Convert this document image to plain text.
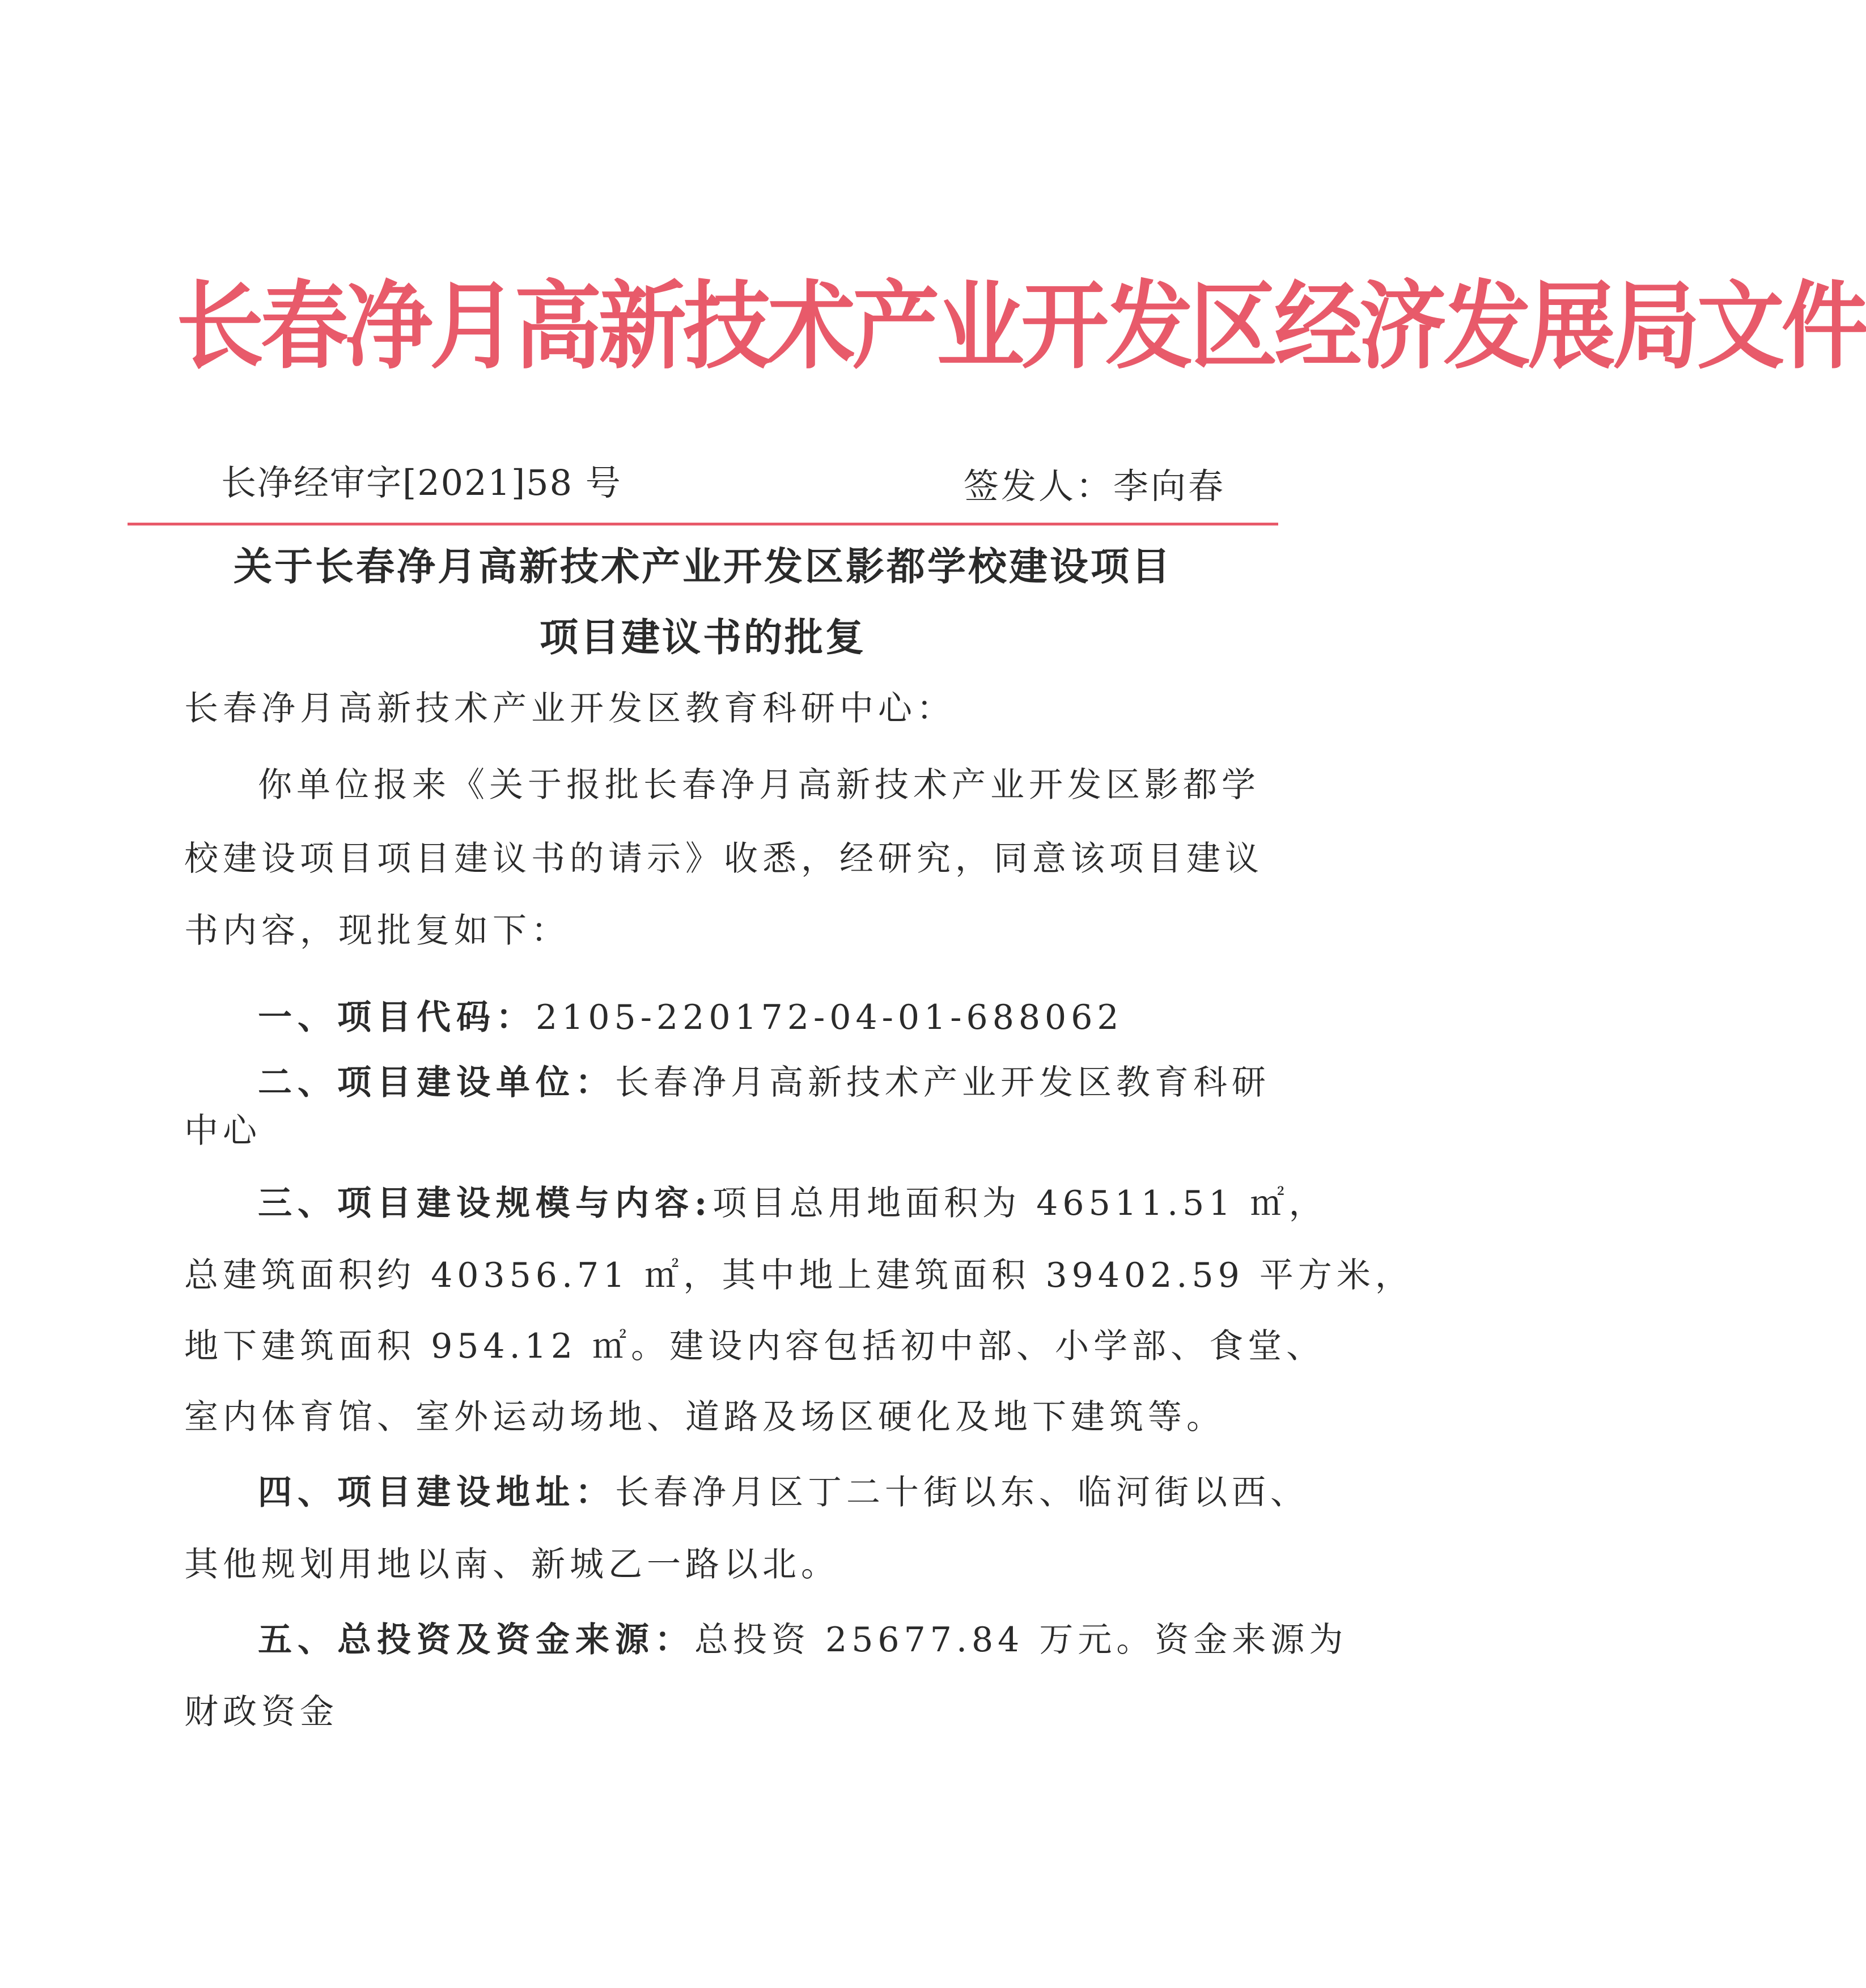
长春净月高新技术产业开发区经济发展局文件

长净经审字[2021]58 号	签发人：李向春

关于长春净月高新技术产业开发区影都学校建设项目
项目建议书的批复

长春净月高新技术产业开发区教育科研中心：

你单位报来《关于报批长春净月高新技术产业开发区影都学

校建设项目项目建议书的请示》收悉，经研究，同意该项目建议

书内容，现批复如下：

一、项目代码：2105-220172-04-01-688062

二、项目建设单位：长春净月高新技术产业开发区教育科研

中心

三、项目建设规模与内容:项目总用地面积为 46511.51 ㎡，

总建筑面积约 40356.71 ㎡，其中地上建筑面积 39402.59 平方米，

地下建筑面积 954.12 ㎡。建设内容包括初中部、小学部、食堂、

室内体育馆、室外运动场地、道路及场区硬化及地下建筑等。

四、项目建设地址：长春净月区丁二十街以东、临河街以西、

其他规划用地以南、新城乙一路以北。

五、总投资及资金来源：总投资 25677.84 万元。资金来源为

财政资金
